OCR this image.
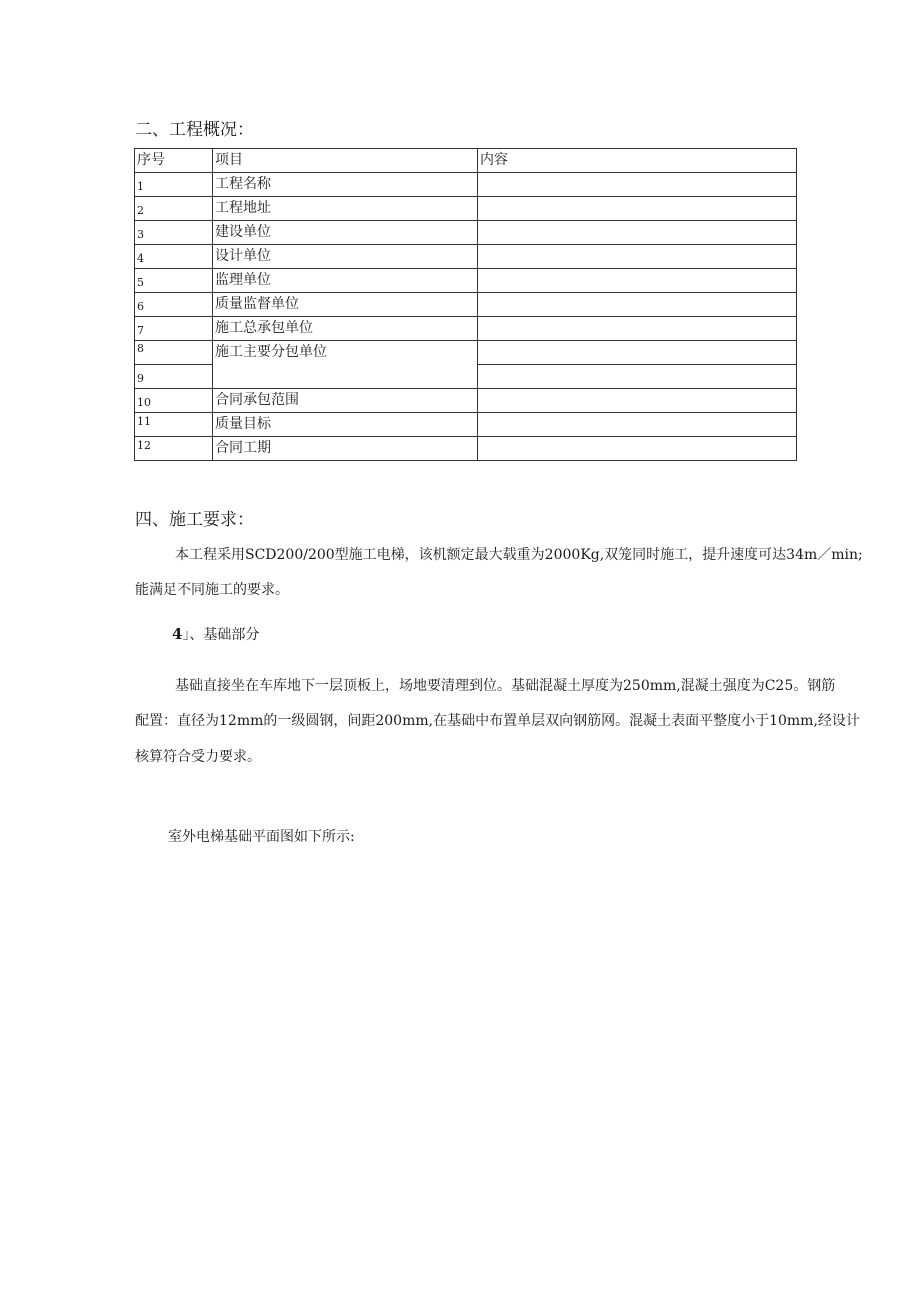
二、工程概况：
序号	项目	内容
1	工程名称	
2	工程地址	
3	建设单位	
4	设计单位	
5	监理单位	
6	质量监督单位	
7	施工总承包单位	
8	施工主要分包单位	
9		
10	合同承包范围	
11	质量目标	
12	合同工期	
四、施工要求：
本工程采用SCD200/200型施工电梯，该机额定最大载重为2000Kg,双笼同时施工，提升速度可达34m／min;
能满足不同施工的要求。
4」、基础部分
基础直接坐在车库地下一层顶板上，场地要清理到位。基础混凝土厚度为250mm,混凝土强度为C25。钢筋
配置：直径为12mm的一级圆钢，间距200mm,在基础中布置单层双向钢筋网。混凝土表面平整度小于10mm,经设计
核算符合受力要求。
室外电梯基础平面图如下所示:
